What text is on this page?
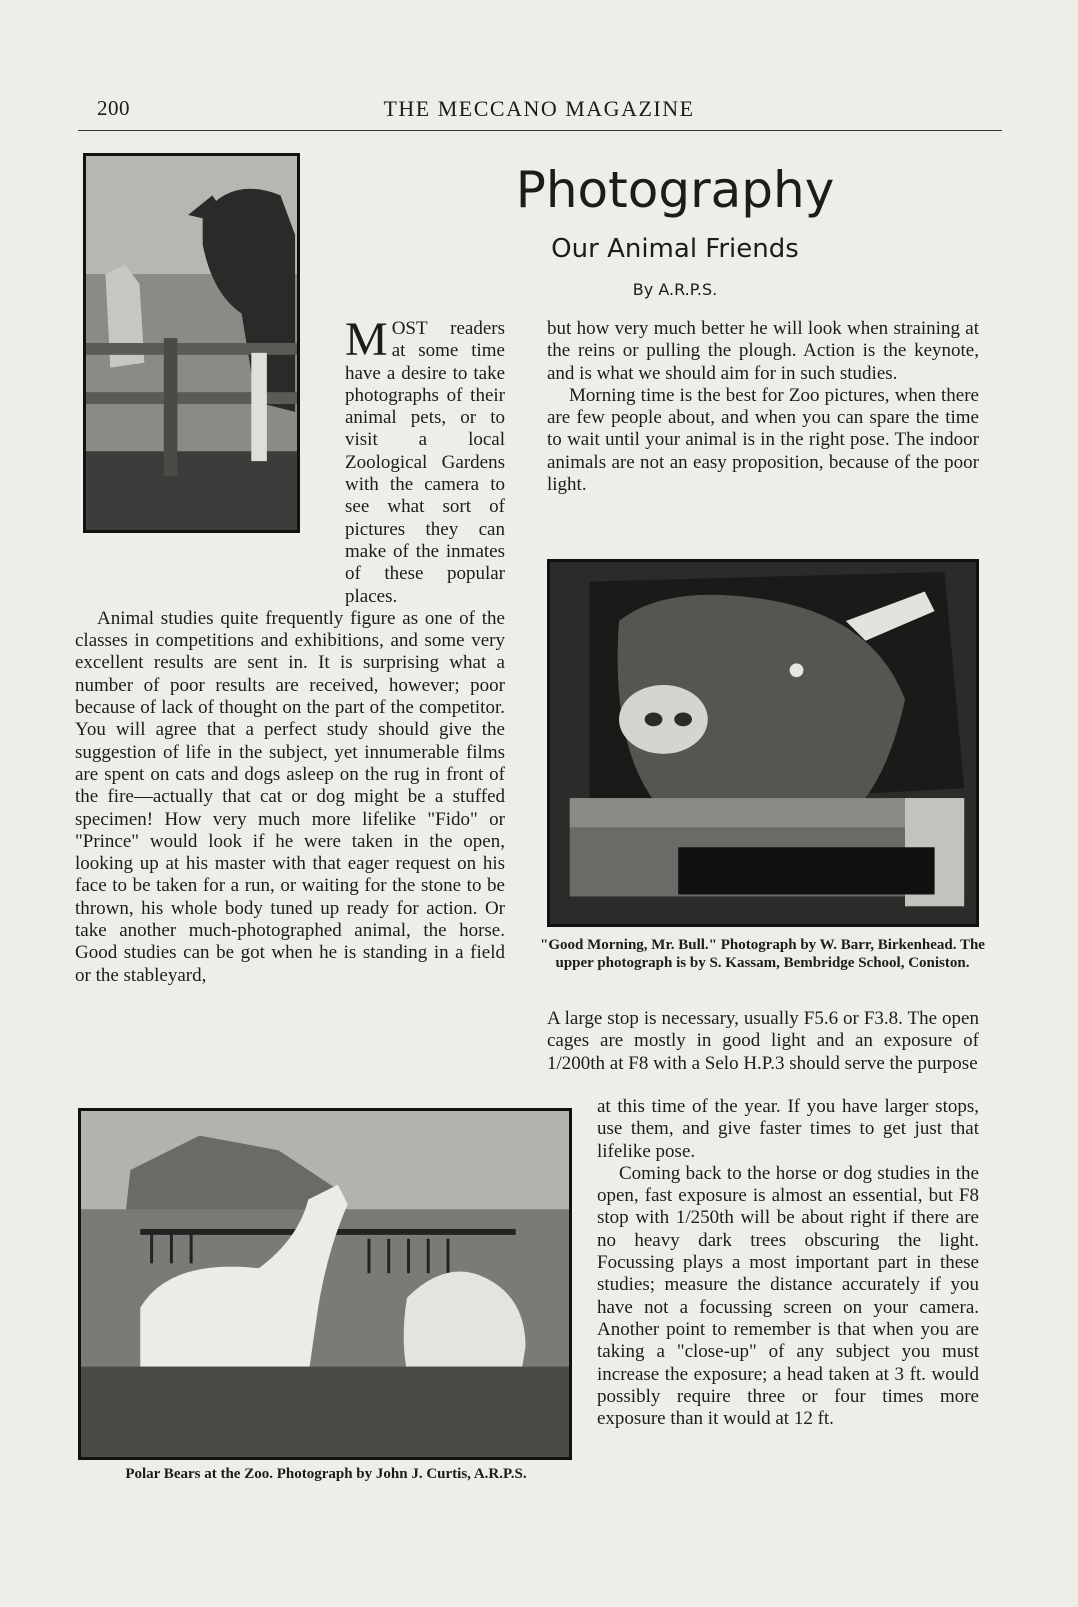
200	THE MECCANO MAGAZINE
Photography
Our Animal Friends
By A.R.P.S.
MOST readers at some time have a desire to take photographs of their animal pets, or to visit a local Zoological Gardens with the camera to see what sort of pictures they can make of the inmates of these popular places.

Animal studies quite frequently figure as one of the classes in competitions and exhibitions, and some very excellent results are sent in. It is surprising what a number of poor results are received, however; poor because of lack of thought on the part of the competitor. You will agree that a perfect study should give the suggestion of life in the subject, yet innumerable films are spent on cats and dogs asleep on the rug in front of the fire—actually that cat or dog might be a stuffed specimen! How very much more lifelike "Fido" or "Prince" would look if he were taken in the open, looking up at his master with that eager request on his face to be taken for a run, or waiting for the stone to be thrown, his whole body tuned up ready for action. Or take another much-photographed animal, the horse. Good studies can be got when he is standing in a field or the stableyard,

but how very much better he will look when straining at the reins or pulling the plough. Action is the keynote, and is what we should aim for in such studies.

Morning time is the best for Zoo pictures, when there are few people about, and when you can spare the time to wait until your animal is in the right pose. The indoor animals are not an easy proposition, because of the poor light.

"Good Morning, Mr. Bull." Photograph by W. Barr, Birkenhead. The upper photograph is by S. Kassam, Bembridge School, Coniston.

A large stop is necessary, usually F5.6 or F3.8. The open cages are mostly in good light and an exposure of 1/200th at F8 with a Selo H.P.3 should serve the purpose

at this time of the year. If you have larger stops, use them, and give faster times to get just that lifelike pose.

Coming back to the horse or dog studies in the open, fast exposure is almost an essential, but F8 stop with 1/250th will be about right if there are no heavy dark trees obscuring the light. Focussing plays a most important part in these studies; measure the distance accurately if you have not a focussing screen on your camera. Another point to remember is that when you are taking a "close-up" of any subject you must increase the exposure; a head taken at 3 ft. would possibly require three or four times more exposure than it would at 12 ft.

Polar Bears at the Zoo. Photograph by John J. Curtis, A.R.P.S.
